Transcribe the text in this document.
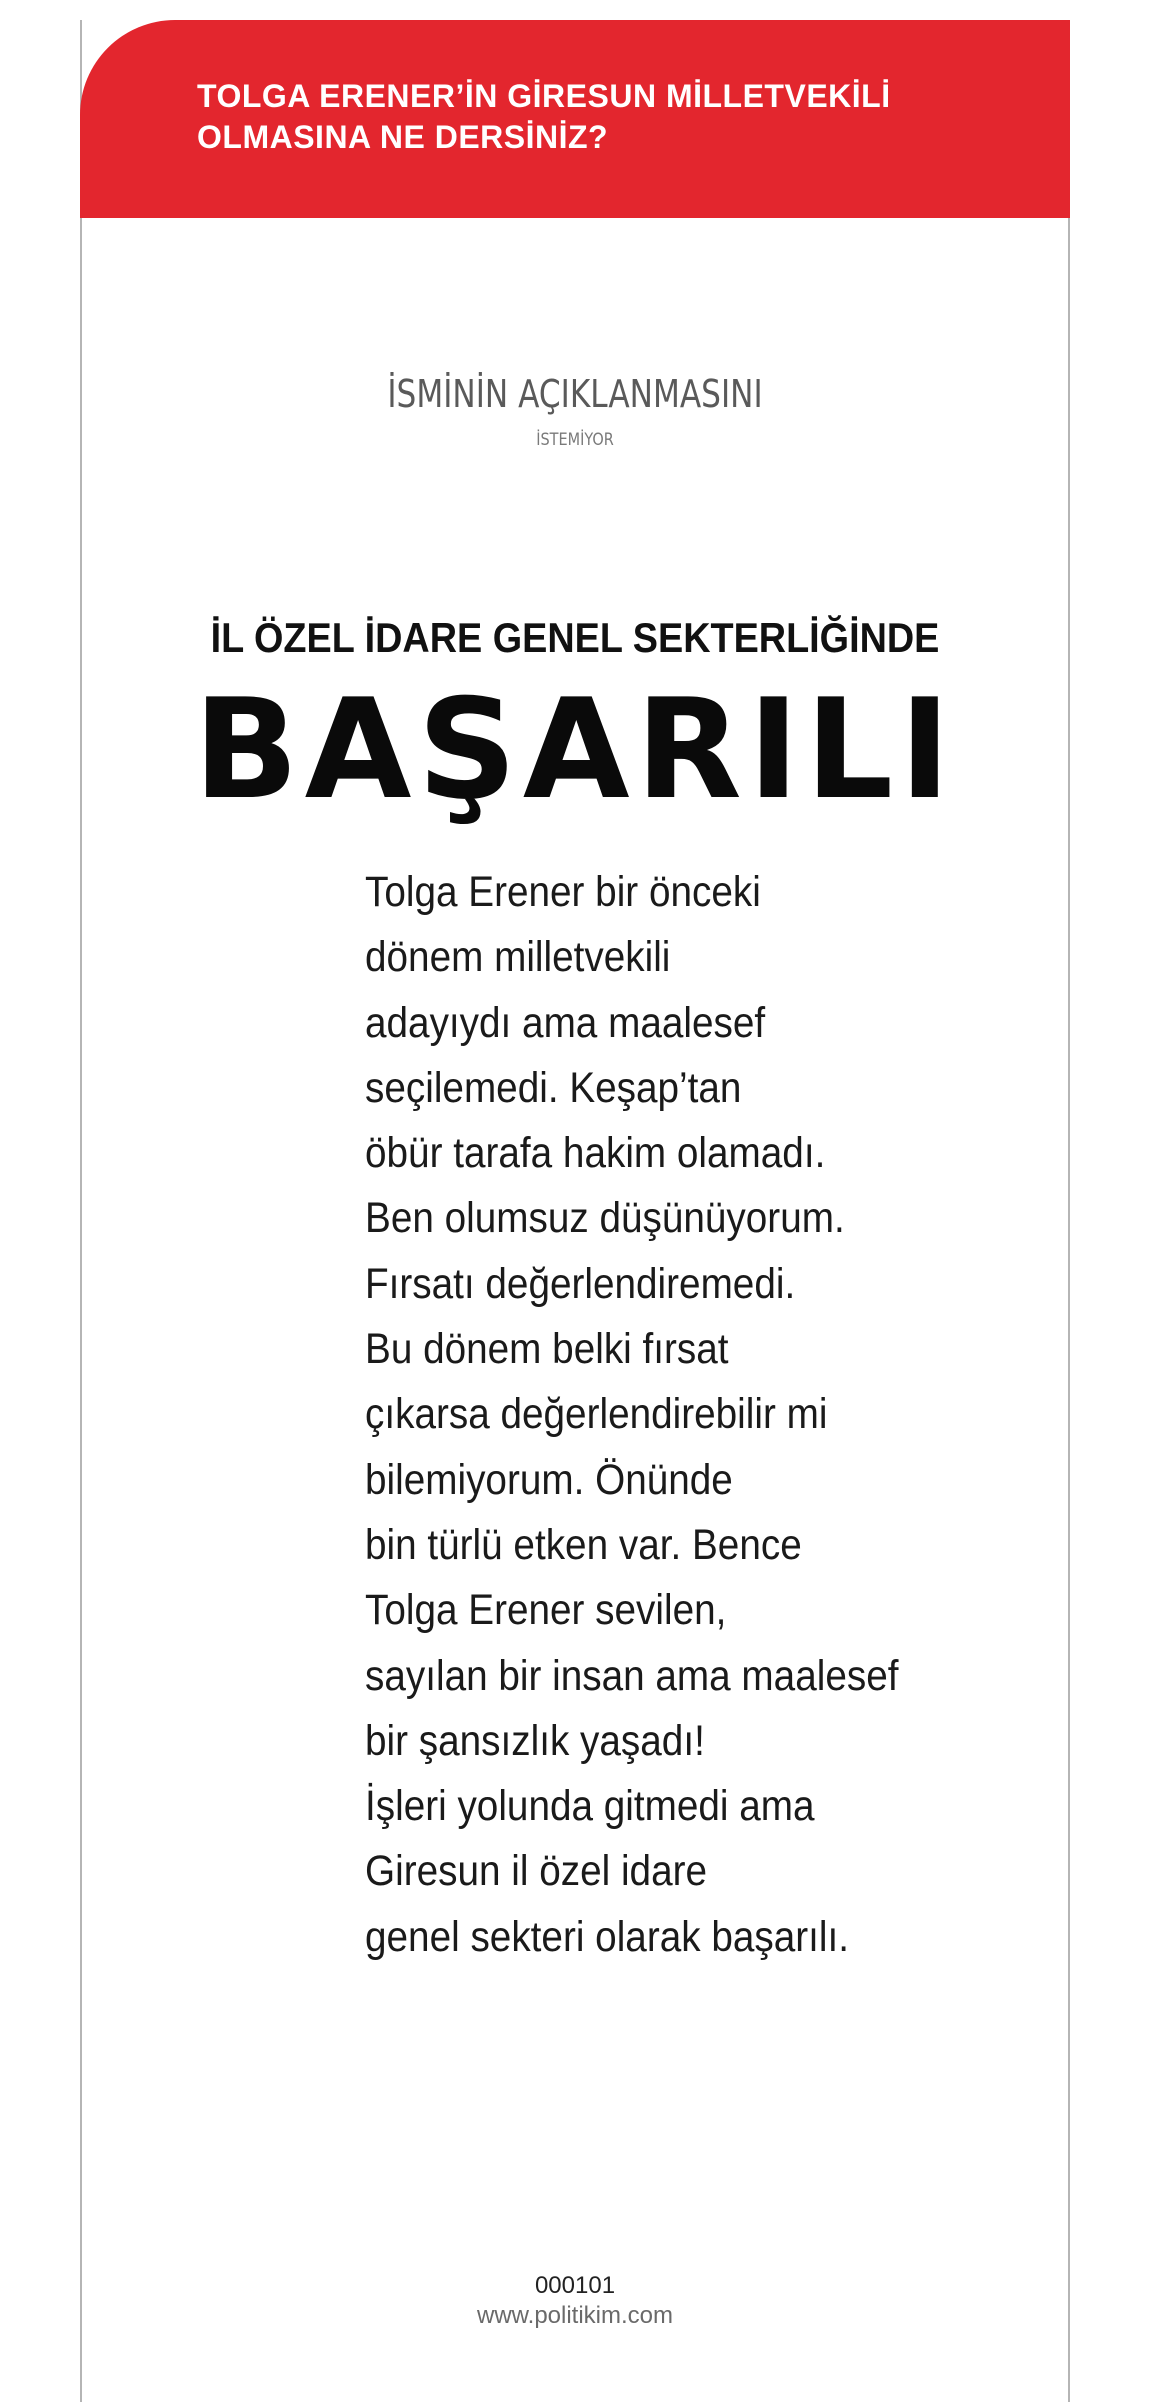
TOLGA ERENER’İN GİRESUN MİLLETVEKİLİ OLMASINA NE DERSİNİZ?
İSMİNİN AÇIKLANMASINI
İSTEMİYOR
İL ÖZEL İDARE GENEL SEKTERLİĞİNDE
BAŞARILI
Tolga Erener bir önceki
dönem milletvekili
adayıydı ama maalesef
seçilemedi. Keşap’tan
öbür tarafa hakim olamadı.
Ben olumsuz düşünüyorum.
Fırsatı değerlendiremedi.
Bu dönem belki fırsat
çıkarsa değerlendirebilir mi
bilemiyorum. Önünde
bin türlü etken var. Bence
Tolga Erener sevilen,
sayılan bir insan ama maalesef
bir şansızlık yaşadı!
İşleri yolunda gitmedi ama
Giresun il özel idare
genel sekteri olarak başarılı.
000101
www.politikim.com
